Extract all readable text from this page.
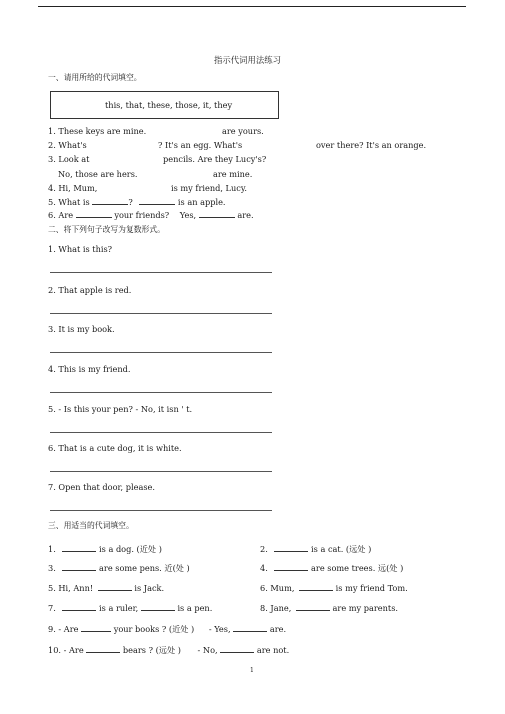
指示代词用法练习
一、请用所给的代词填空。
this, that, these, those, it, they
1. These keys are mine.	are yours.
2. What's	? It's an egg. What's	over there? It's an orange.
3. Look at	pencils. Are they Lucy's?
No, those are hers.	are mine.
4. Hi, Mum,	is my friend, Lucy.
5. What is	?	is an apple.
6. Are	your friends? Yes,	are.
二、将下列句子改写为复数形式。
1. What is this?
2. That apple is red.
3. It is my book.
4. This is my friend.
5. - Is this your pen? - No, it isn ' t.
6. That is a cute dog, it is white.
7. Open that door, please.
三、用适当的代词填空。
1.	is a dog. (近处 )	2.	is a cat. (远处 )
3.	are some pens. 近(处 )	4.	are some trees. 远(处 )
5. Hi, Ann!	is Jack.	6. Mum,	is my friend Tom.
7.	is a ruler,	is a pen.	8. Jane,	are my parents.
9. - Are	your books ? (近处 ) - Yes,	are.
10. - Are	bears ? (远处 ) - No,	are not.
1
